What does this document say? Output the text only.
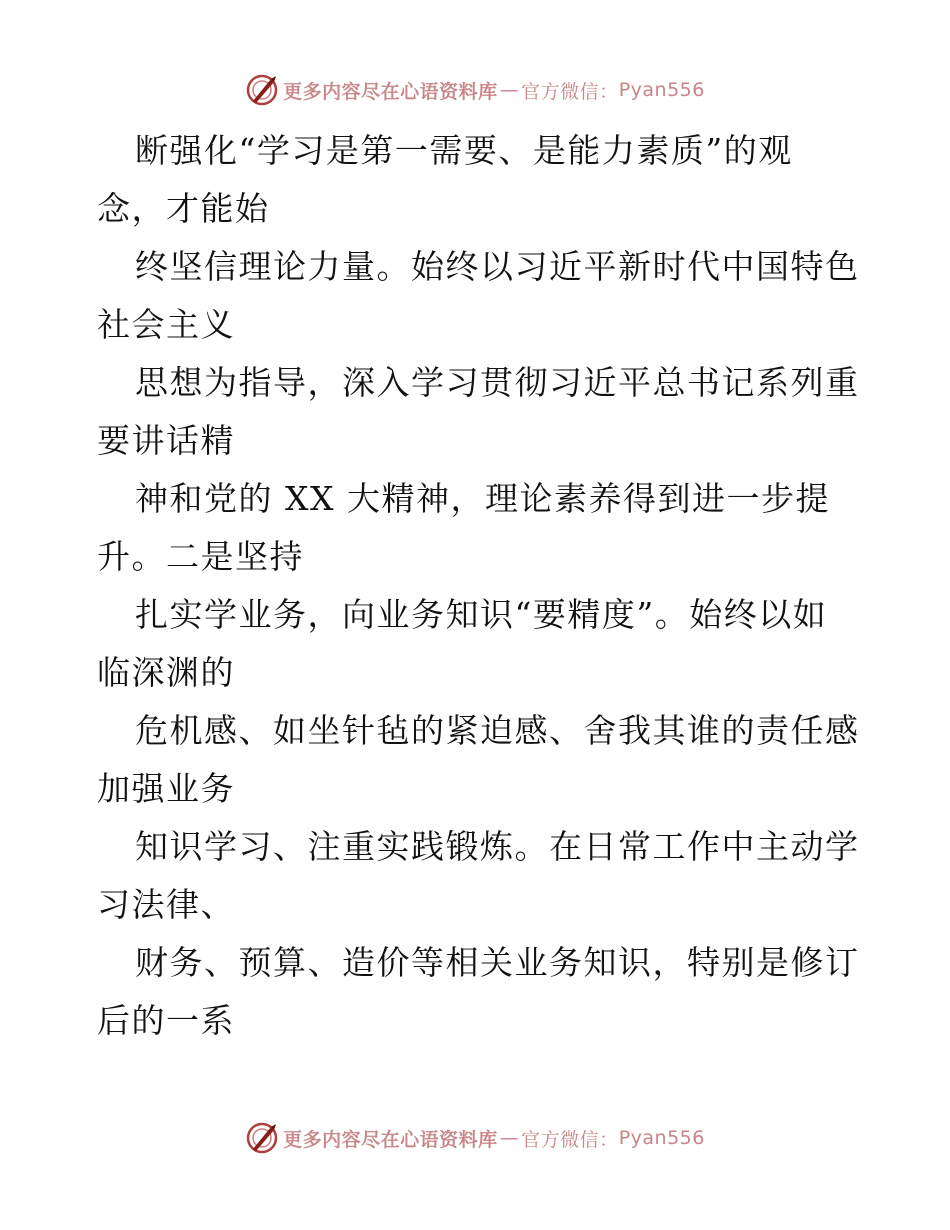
更多内容尽在心语资料库 — 官方微信： Pyan556
断强化“学习是第一需要、是能力素质”的观
念，才能始
终坚信理论力量。始终以习近平新时代中国特色
社会主义
思想为指导，深入学习贯彻习近平总书记系列重
要讲话精
神和党的 XX 大精神，理论素养得到进一步提
升。二是坚持
扎实学业务，向业务知识“要精度”。始终以如
临深渊的
危机感、如坐针毡的紧迫感、舍我其谁的责任感
加强业务
知识学习、注重实践锻炼。在日常工作中主动学
习法律、
财务、预算、造价等相关业务知识，特别是修订
后的一系
更多内容尽在心语资料库 — 官方微信： Pyan556
